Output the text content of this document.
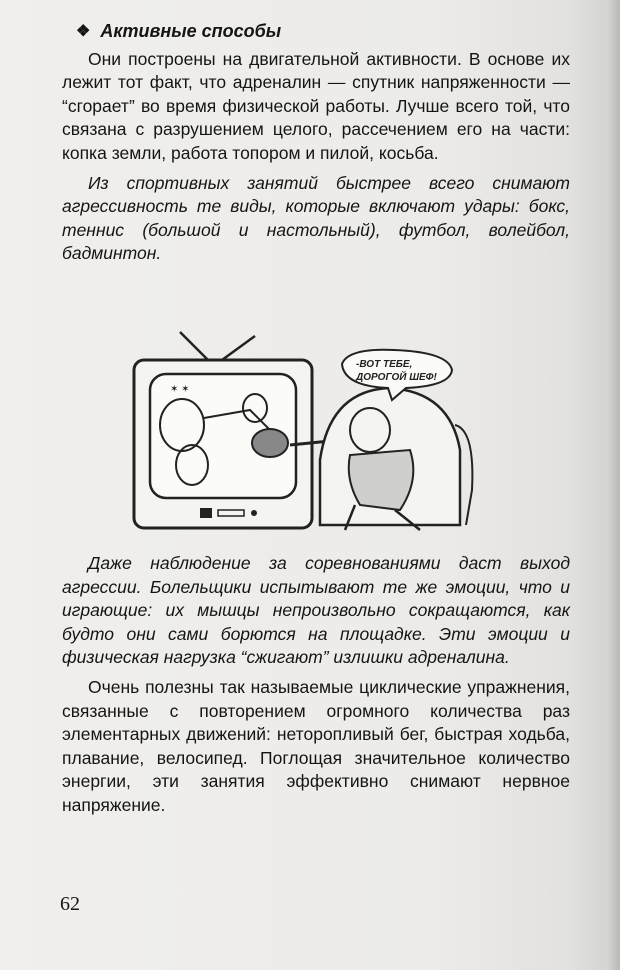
❖ Активные способы

Они построены на двигательной активности. В основе их лежит тот факт, что адреналин — спутник напряженности — “сгорает” во время физической работы. Лучше всего той, что связана с разрушением целого, рассечением его на части: копка земли, работа топором и пилой, косьба.

Из спортивных занятий быстрее всего снимают агрессивность те виды, которые включают удары: бокс, теннис (большой и настольный), футбол, волейбол, бадминтон.

✶ ✶
-ВОТ ТЕБЕ,
ДОРОГОЙ ШЕФ!

Даже наблюдение за соревнованиями даст выход агрессии. Болельщики испытывают те же эмоции, что и играющие: их мышцы непроизвольно сокращаются, как будто они сами борются на площадке. Эти эмоции и физическая нагрузка “сжигают” излишки адреналина.

Очень полезны так называемые циклические упражнения, связанные с повторением огромного количества раз элементарных движений: неторопливый бег, быстрая ходьба, плавание, велосипед. Поглощая значительное количество энергии, эти занятия эффективно снимают нервное напряжение.

62
